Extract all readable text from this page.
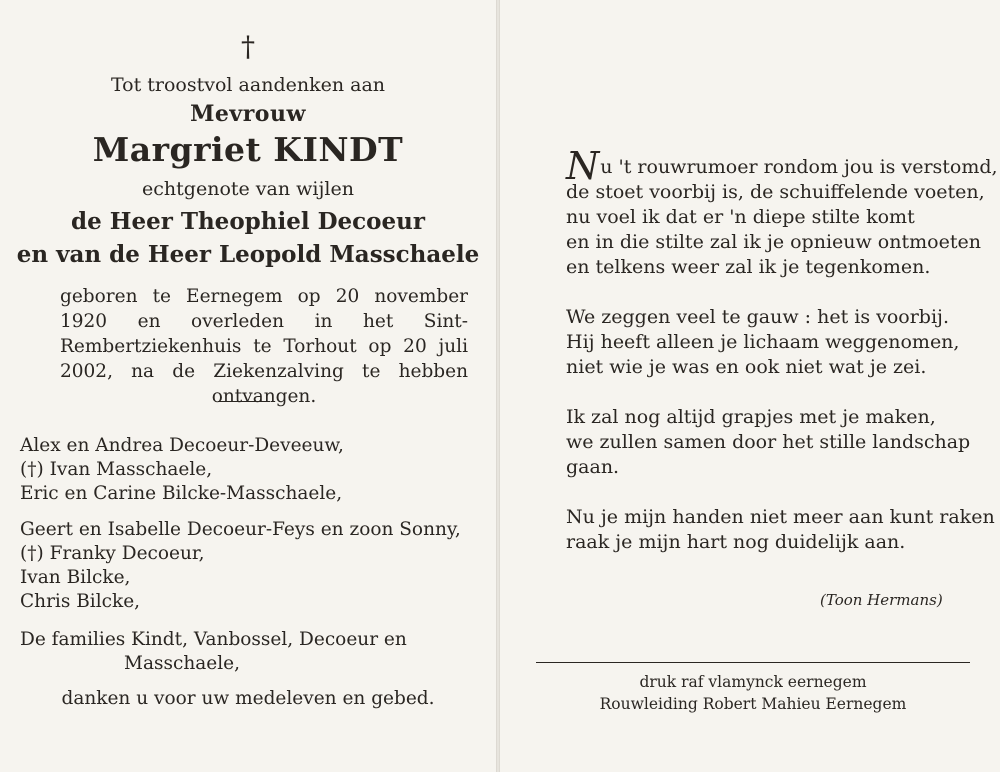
†
Tot troostvol aandenken aan
Mevrouw
Margriet KINDT
echtgenote van wijlen
de Heer Theophiel Decoeur
en van de Heer Leopold Masschaele
geboren te Eernegem op 20 november 1920 en overleden in het Sint-Rembertziekenhuis te Torhout op 20 juli 2002, na de Ziekenzalving te hebben ontvangen.
Alex en Andrea Decoeur-Deveeuw,
(†) Ivan Masschaele,
Eric en Carine Bilcke-Masschaele,
Geert en Isabelle Decoeur-Feys en zoon Sonny,
(†) Franky Decoeur,
Ivan Bilcke,
Chris Bilcke,
De families Kindt, Vanbossel, Decoeur en
Masschaele,
danken u voor uw medeleven en gebed.
Nu 't rouwrumoer rondom jou is verstomd,
de stoet voorbij is, de schuiffelende voeten,
nu voel ik dat er 'n diepe stilte komt
en in die stilte zal ik je opnieuw ontmoeten
en telkens weer zal ik je tegenkomen.
We zeggen veel te gauw : het is voorbij.
Hij heeft alleen je lichaam weggenomen,
niet wie je was en ook niet wat je zei.
Ik zal nog altijd grapjes met je maken,
we zullen samen door het stille landschap
gaan.
Nu je mijn handen niet meer aan kunt raken
raak je mijn hart nog duidelijk aan.
(Toon Hermans)
druk raf vlamynck eernegem
Rouwleiding Robert Mahieu Eernegem
